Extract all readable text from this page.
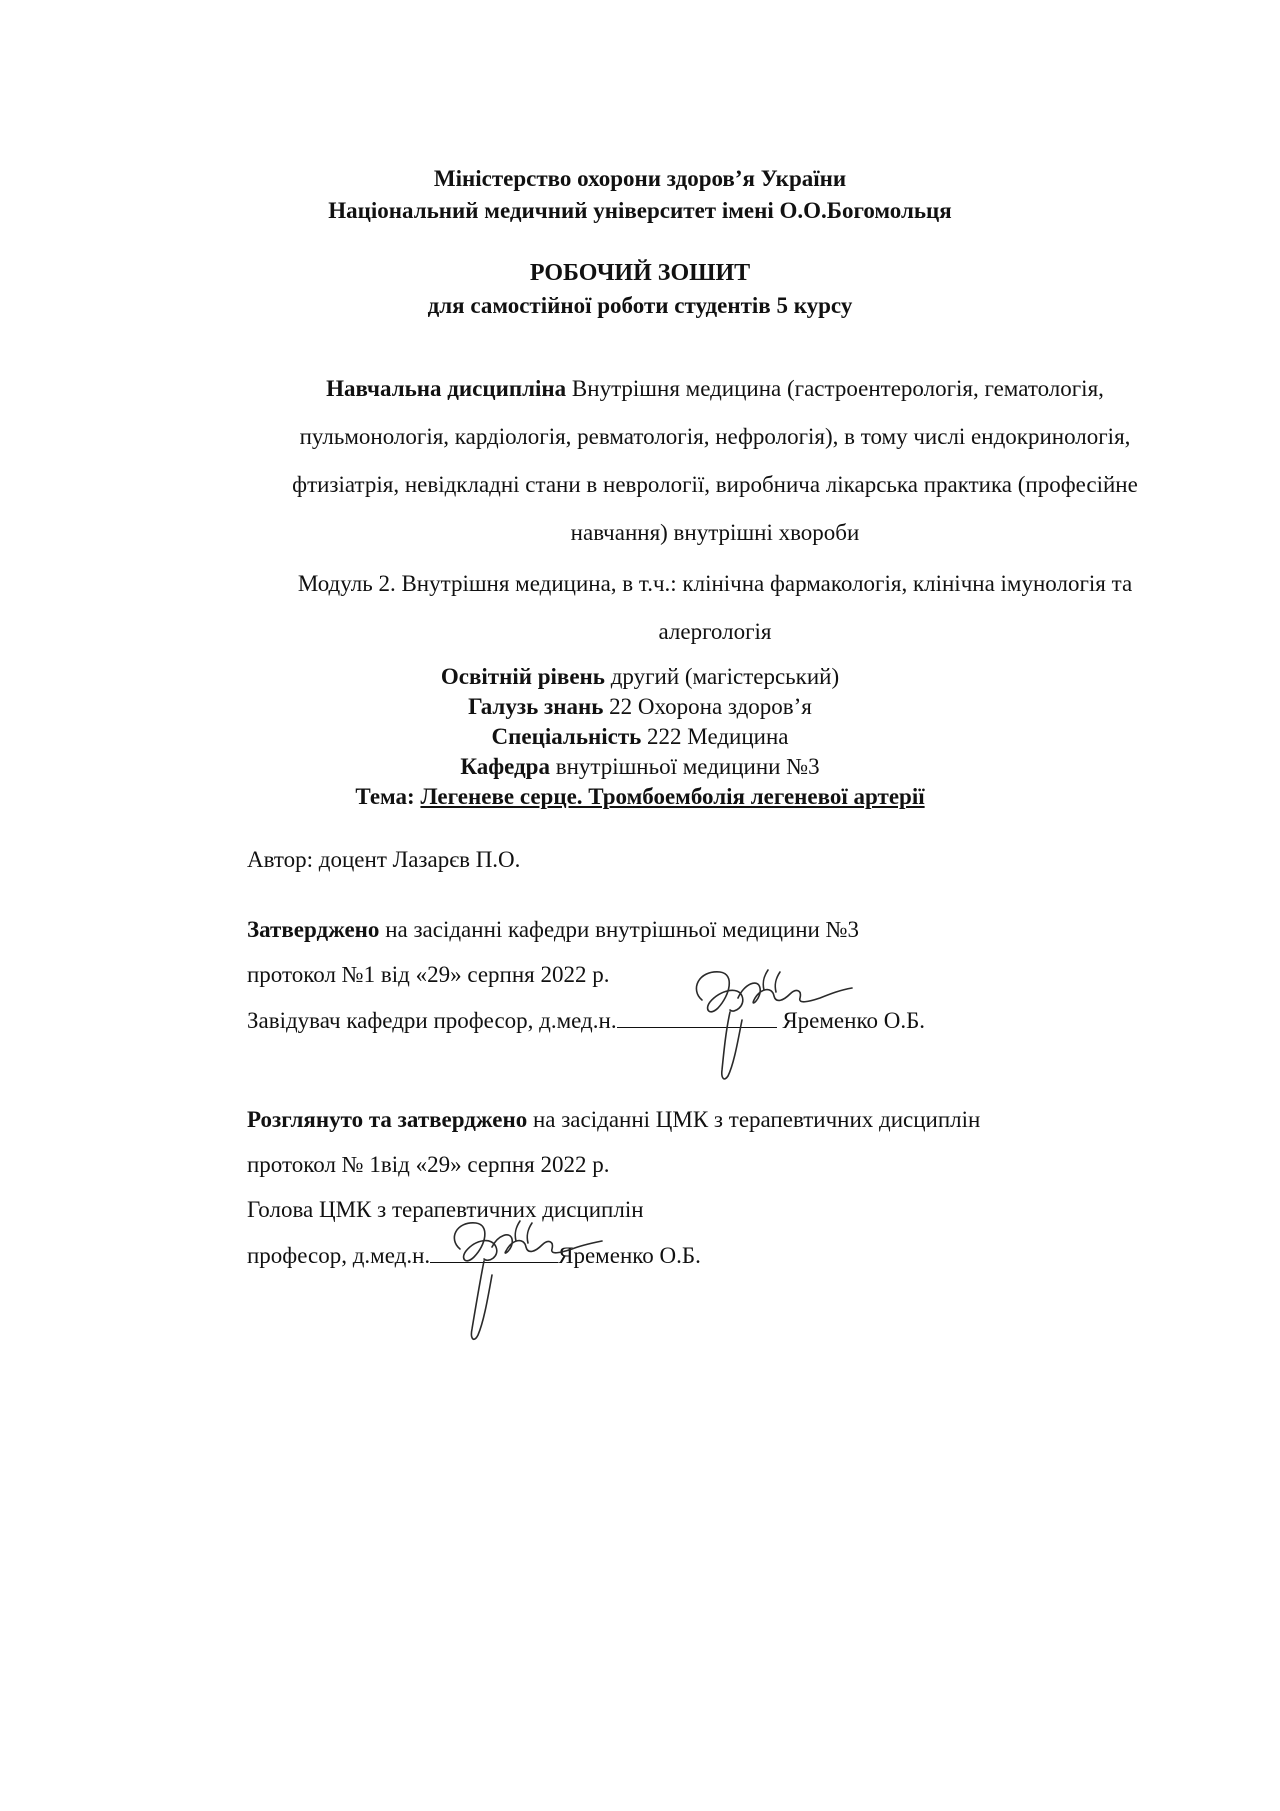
Міністерство охорони здоров’я України
Національний медичний університет імені О.О.Богомольця
РОБОЧИЙ ЗОШИТ
для самостійної роботи студентів 5 курсу
Навчальна дисципліна Внутрішня медицина (гастроентерологія, гематологія, пульмонологія, кардіологія, ревматологія, нефрологія), в тому числі ендокринологія, фтизіатрія, невідкладні стани в неврології, виробнича лікарська практика (професійне навчання) внутрішні хвороби
Модуль 2. Внутрішня медицина, в т.ч.: клінічна фармакологія, клінічна імунологія та алергологія
Освітній рівень другий (магістерський)
Галузь знань 22 Охорона здоров’я
Спеціальність 222 Медицина
Кафедра внутрішньої медицини №3
Тема: Легеневе серце. Тромбоемболія легеневої артерії
Автор: доцент Лазарєв П.О.
Затверджено на засіданні кафедри внутрішньої медицини №3
протокол №1 від «29» серпня 2022 р.
Завідувач кафедри професор, д.мед.н.	Яременко О.Б.
Розглянуто та затверджено на засіданні ЦМК з терапевтичних дисциплін
протокол № 1від «29» серпня 2022 р.
Голова ЦМК з терапевтичних дисциплін
професор, д.мед.н.	Яременко О.Б.
